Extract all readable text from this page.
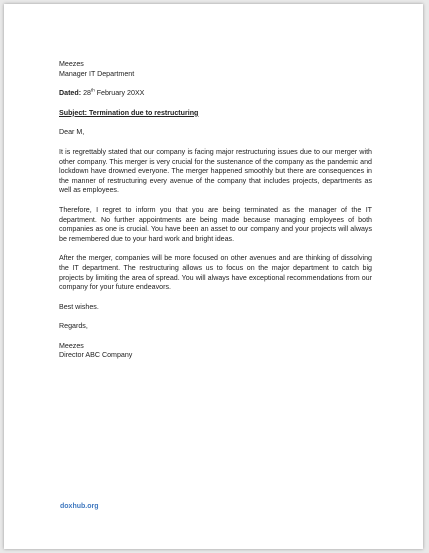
Meezes

Manager IT Department

Dated: 28th February 20XX

Subject: Termination due to restructuring

Dear M,

It is regrettably stated that our company is facing major restructuring issues due to our merger with other company. This merger is very crucial for the sustenance of the company as the pandemic and lockdown have drowned everyone. The merger happened smoothly but there are consequences in the manner of restructuring every avenue of the company that includes projects, departments as well as employees.

Therefore, I regret to inform you that you are being terminated as the manager of the IT department. No further appointments are being made because managing employees of both companies as one is crucial. You have been an asset to our company and your projects will always be remembered due to your hard work and bright ideas.

After the merger, companies will be more focused on other avenues and are thinking of dissolving the IT department. The restructuring allows us to focus on the major department to catch big projects by limiting the area of spread. You will always have exceptional recommendations from our company for your future endeavors.

Best wishes.

Regards,

Meezes

Director ABC Company

doxhub.org
